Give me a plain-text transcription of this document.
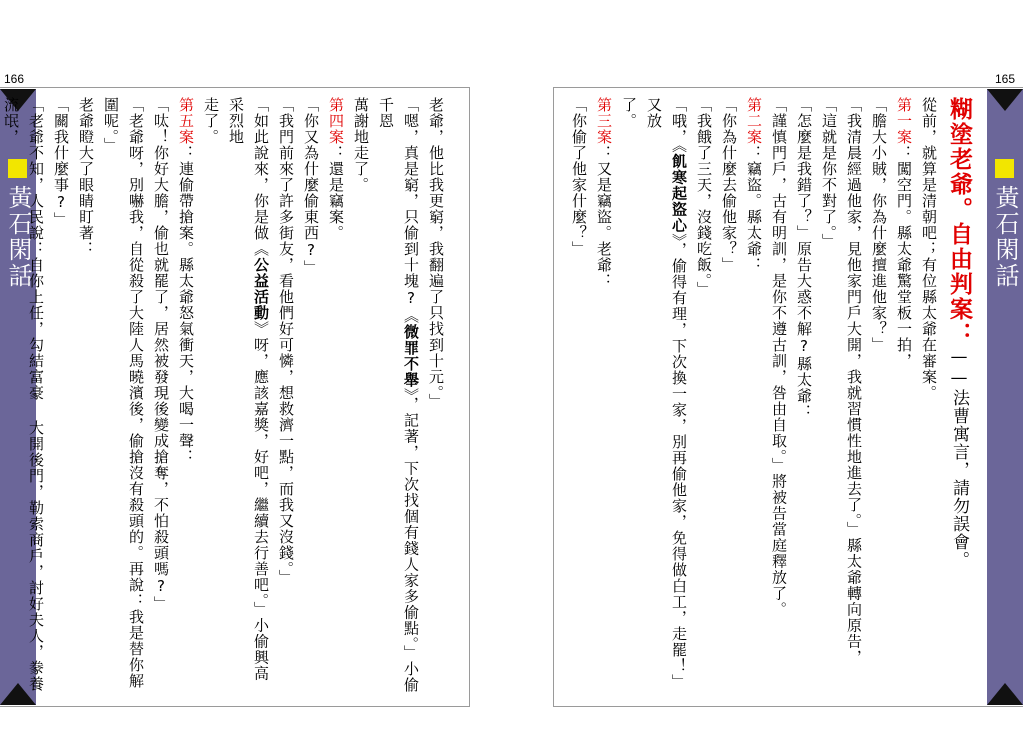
166	165
黃石閑話	黃石閑話

糊塗老爺。自由判案：——法曹寓言，請勿誤會。

從前，就算是清朝吧；有位縣太爺在審案。

第一案：闖空門。縣太爺驚堂板一拍，

「膽大小賊，你為什麼擅進他家？」

「我清晨經過他家，見他家門戶大開，我就習慣性地進去了。」縣太爺轉向原告，

「這就是你不對了。」

「怎麼是我錯了？」原告大惑不解?縣太爺：

「謹慎門戶，古有明訓，是你不遵古訓，咎由自取。」將被告當庭釋放了。

第二案：竊盜。縣太爺：

「你為什麼去偷他家？」

「我餓了三天，沒錢吃飯。」

「哦，《飢寒起盜心》，偷得有理，下次換一家，別再偷他家，免得做白工，走罷！」又放

了。

第三案：又是竊盜。老爺：

「你偷了他家什麼？」

老爺，他比我更窮，我翻遍了只找到十元。」

「嗯，真是窮，只偷到十塊?《微罪不舉》，記著，下次找個有錢人家多偷點。」小偷千恩

萬謝地走了。

第四案：還是竊案。

「你又為什麼偷東西?」

「我門前來了許多街友，看他們好可憐，想救濟一點，而我又沒錢。」

「如此說來，你是做《公益活動》呀，應該嘉獎，好吧，繼續去行善吧。」小偷興高采烈地

走了。

第五案：連偷帶搶案。縣太爺怒氣衝天，大喝一聲：

「呔！你好大膽，偷也就罷了，居然被發現後變成搶奪，不怕殺頭嗎?」

「老爺呀，別嚇我，自從殺了大陸人馬曉濱後，偷搶沒有殺頭的。再說：我是替你解圍呢。」

老爺瞪大了眼睛盯著：

「關我什麼事?」

「老爺不知，人民說：自你上任，勾結富豪 大開後門，勒索商戶，討好夫人，豢養流氓，
